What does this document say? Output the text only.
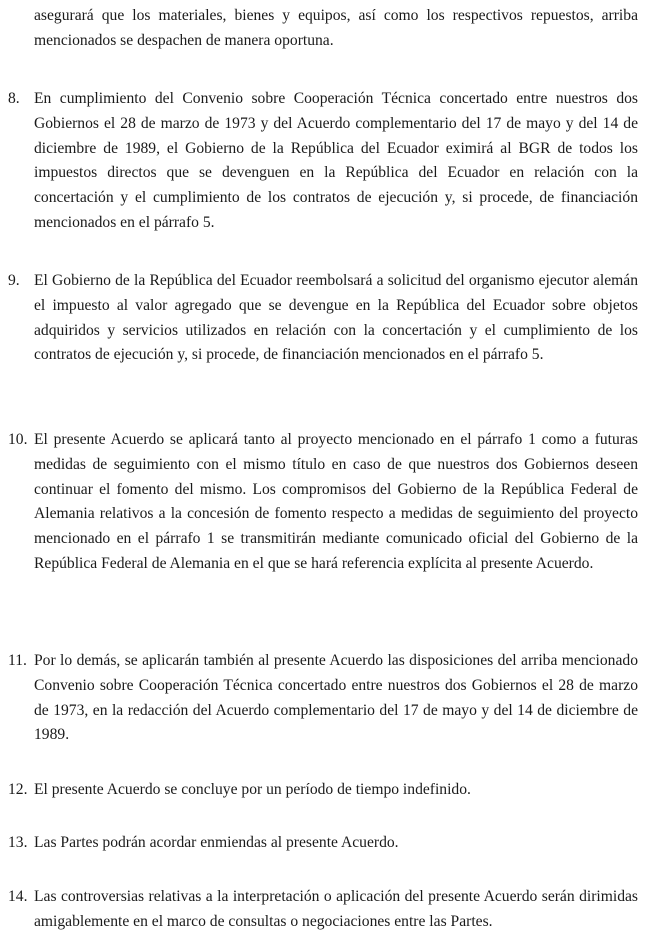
asegurará que los materiales, bienes y equipos, así como los respectivos repuestos, arriba mencionados se despachen de manera oportuna.
8. En cumplimiento del Convenio sobre Cooperación Técnica concertado entre nuestros dos Gobiernos el 28 de marzo de 1973 y del Acuerdo complementario del 17 de mayo y del 14 de diciembre de 1989, el Gobierno de la República del Ecuador eximirá al BGR de todos los impuestos directos que se devenguen en la República del Ecuador en relación con la concertación y el cumplimiento de los contratos de ejecución y, si procede, de financiación mencionados en el párrafo 5.
9. El Gobierno de la República del Ecuador reembolsará a solicitud del organismo ejecutor alemán el impuesto al valor agregado que se devengue en la República del Ecuador sobre objetos adquiridos y servicios utilizados en relación con la concertación y el cumplimiento de los contratos de ejecución y, si procede, de financiación mencionados en el párrafo 5.
10. El presente Acuerdo se aplicará tanto al proyecto mencionado en el párrafo 1 como a futuras medidas de seguimiento con el mismo título en caso de que nuestros dos Gobiernos deseen continuar el fomento del mismo. Los compromisos del Gobierno de la República Federal de Alemania relativos a la concesión de fomento respecto a medidas de seguimiento del proyecto mencionado en el párrafo 1 se transmitirán mediante comunicado oficial del Gobierno de la República Federal de Alemania en el que se hará referencia explícita al presente Acuerdo.
11. Por lo demás, se aplicarán también al presente Acuerdo las disposiciones del arriba mencionado Convenio sobre Cooperación Técnica concertado entre nuestros dos Gobiernos el 28 de marzo de 1973, en la redacción del Acuerdo complementario del 17 de mayo y del 14 de diciembre de 1989.
12. El presente Acuerdo se concluye por un período de tiempo indefinido.
13. Las Partes podrán acordar enmiendas al presente Acuerdo.
14. Las controversias relativas a la interpretación o aplicación del presente Acuerdo serán dirimidas amigablemente en el marco de consultas o negociaciones entre las Partes.
